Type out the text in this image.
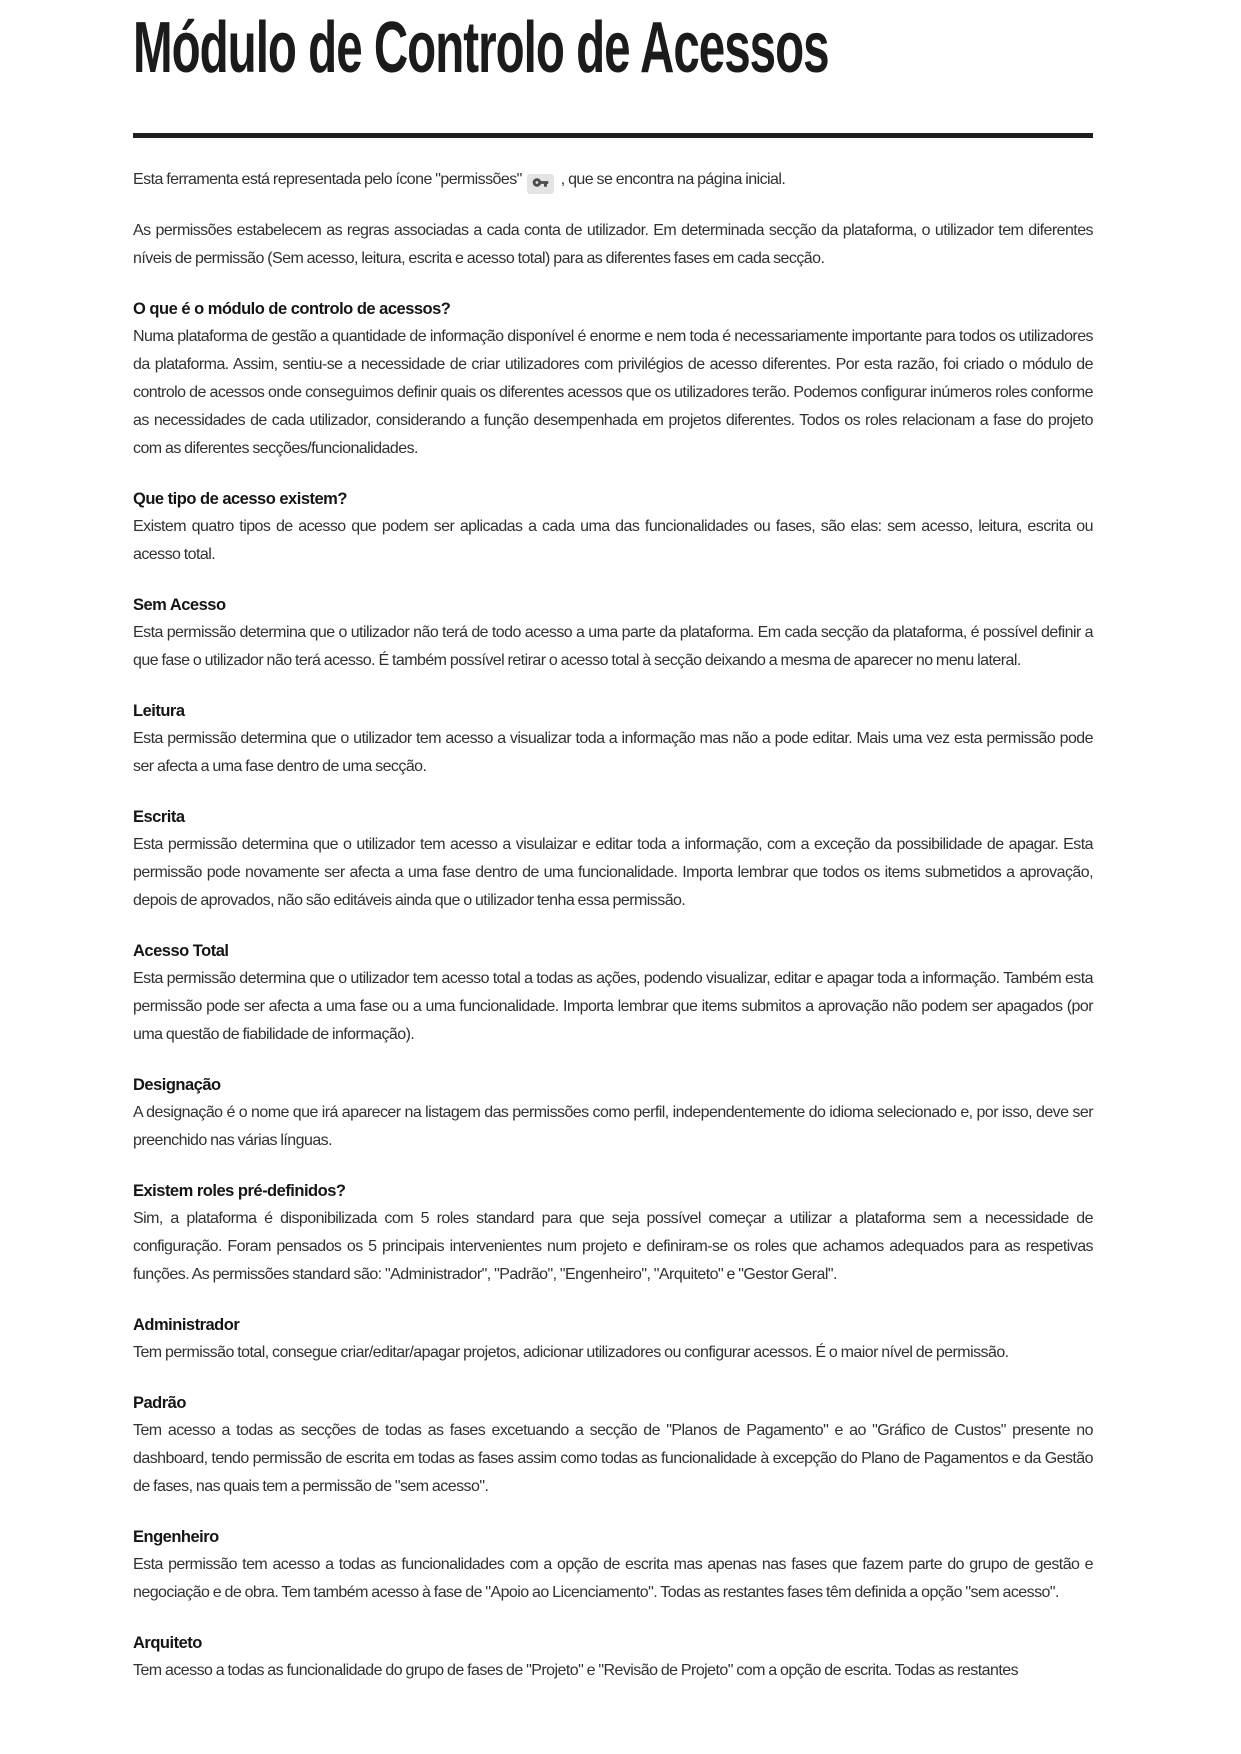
Módulo de Controlo de Acessos

Esta ferramenta está representada pelo ícone "permissões" , que se encontra na página inicial.

As permissões estabelecem as regras associadas a cada conta de utilizador. Em determinada secção da plataforma, o utilizador tem diferentes níveis de permissão (Sem acesso, leitura, escrita e acesso total) para as diferentes fases em cada secção.

O que é o módulo de controlo de acessos?

Numa plataforma de gestão a quantidade de informação disponível é enorme e nem toda é necessariamente importante para todos os utilizadores da plataforma. Assim, sentiu-se a necessidade de criar utilizadores com privilégios de acesso diferentes. Por esta razão, foi criado o módulo de controlo de acessos onde conseguimos definir quais os diferentes acessos que os utilizadores terão. Podemos configurar inúmeros roles conforme as necessidades de cada utilizador, considerando a função desempenhada em projetos diferentes. Todos os roles relacionam a fase do projeto com as diferentes secções/funcionalidades.

Que tipo de acesso existem?

Existem quatro tipos de acesso que podem ser aplicadas a cada uma das funcionalidades ou fases, são elas: sem acesso, leitura, escrita ou acesso total.

Sem Acesso

Esta permissão determina que o utilizador não terá de todo acesso a uma parte da plataforma. Em cada secção da plataforma, é possível definir a que fase o utilizador não terá acesso. É também possível retirar o acesso total à secção deixando a mesma de aparecer no menu lateral.

Leitura

Esta permissão determina que o utilizador tem acesso a visualizar toda a informação mas não a pode editar. Mais uma vez esta permissão pode ser afecta a uma fase dentro de uma secção.

Escrita

Esta permissão determina que o utilizador tem acesso a visulaizar e editar toda a informação, com a exceção da possibilidade de apagar. Esta permissão pode novamente ser afecta a uma fase dentro de uma funcionalidade. Importa lembrar que todos os items submetidos a aprovação, depois de aprovados, não são editáveis ainda que o utilizador tenha essa permissão.

Acesso Total

Esta permissão determina que o utilizador tem acesso total a todas as ações, podendo visualizar, editar e apagar toda a informação. Também esta permissão pode ser afecta a uma fase ou a uma funcionalidade. Importa lembrar que items submitos a aprovação não podem ser apagados (por uma questão de fiabilidade de informação).

Designação

A designação é o nome que irá aparecer na listagem das permissões como perfil, independentemente do idioma selecionado e, por isso, deve ser preenchido nas várias línguas.

Existem roles pré-definidos?

Sim, a plataforma é disponibilizada com 5 roles standard para que seja possível começar a utilizar a plataforma sem a necessidade de configuração. Foram pensados os 5 principais intervenientes num projeto e definiram-se os roles que achamos adequados para as respetivas funções. As permissões standard são: "Administrador", "Padrão", "Engenheiro", "Arquiteto" e "Gestor Geral".

Administrador

Tem permissão total, consegue criar/editar/apagar projetos, adicionar utilizadores ou configurar acessos. É o maior nível de permissão.

Padrão

Tem acesso a todas as secções de todas as fases excetuando a secção de "Planos de Pagamento" e ao "Gráfico de Custos" presente no dashboard, tendo permissão de escrita em todas as fases assim como todas as funcionalidade à excepção do Plano de Pagamentos e da Gestão de fases, nas quais tem a permissão de "sem acesso".

Engenheiro

Esta permissão tem acesso a todas as funcionalidades com a opção de escrita mas apenas nas fases que fazem parte do grupo de gestão e negociação e de obra. Tem também acesso à fase de "Apoio ao Licenciamento". Todas as restantes fases têm definida a opção "sem acesso".

Arquiteto

Tem acesso a todas as funcionalidade do grupo de fases de "Projeto" e "Revisão de Projeto" com a opção de escrita. Todas as restantes
